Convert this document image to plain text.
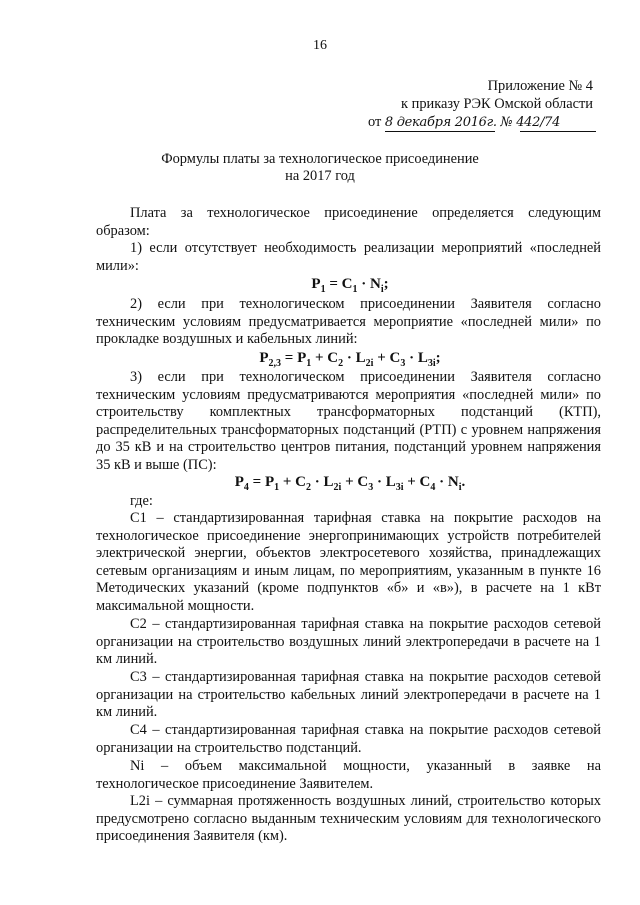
16
Приложение № 4
к приказу РЭК Омской области
от 8 декабря 2016г. № 442/74
Формулы платы за технологическое присоединение
на 2017 год
Плата за технологическое присоединение определяется следующим образом:
1) если отсутствует необходимость реализации мероприятий «последней мили»:
$P_1 = C_1 \cdot N_i$;
2) если при технологическом присоединении Заявителя согласно техническим условиям предусматривается мероприятие «последней мили» по прокладке воздушных и кабельных линий:
$P_{2,3} = P_1 + C_2 \cdot L_{2i} + C_3 \cdot L_{3i}$;
3) если при технологическом присоединении Заявителя согласно техническим условиям предусматриваются мероприятия «последней мили» по строительству комплектных трансформаторных подстанций (КТП), распределительных трансформаторных подстанций (РТП) с уровнем напряжения до 35 кВ и на строительство центров питания, подстанций уровнем напряжения 35 кВ и выше (ПС):
$P_4 = P_1 + C_2 \cdot L_{2i} + C_3 \cdot L_{3i} + C_4 \cdot N_i$.
где:
С1 – стандартизированная тарифная ставка на покрытие расходов на технологическое присоединение энергопринимающих устройств потребителей электрической энергии, объектов электросетевого хозяйства, принадлежащих сетевым организациям и иным лицам, по мероприятиям, указанным в пункте 16 Методических указаний (кроме подпунктов «б» и «в»), в расчете на 1 кВт максимальной мощности.
С2 – стандартизированная тарифная ставка на покрытие расходов сетевой организации на строительство воздушных линий электропередачи в расчете на 1 км линий.
С3 – стандартизированная тарифная ставка на покрытие расходов сетевой организации на строительство кабельных линий электропередачи в расчете на 1 км линий.
С4 – стандартизированная тарифная ставка на покрытие расходов сетевой организации на строительство подстанций.
Ni – объем максимальной мощности, указанный в заявке на технологическое присоединение Заявителем.
L2i – суммарная протяженность воздушных линий, строительство которых предусмотрено согласно выданным техническим условиям для технологического присоединения Заявителя (км).
